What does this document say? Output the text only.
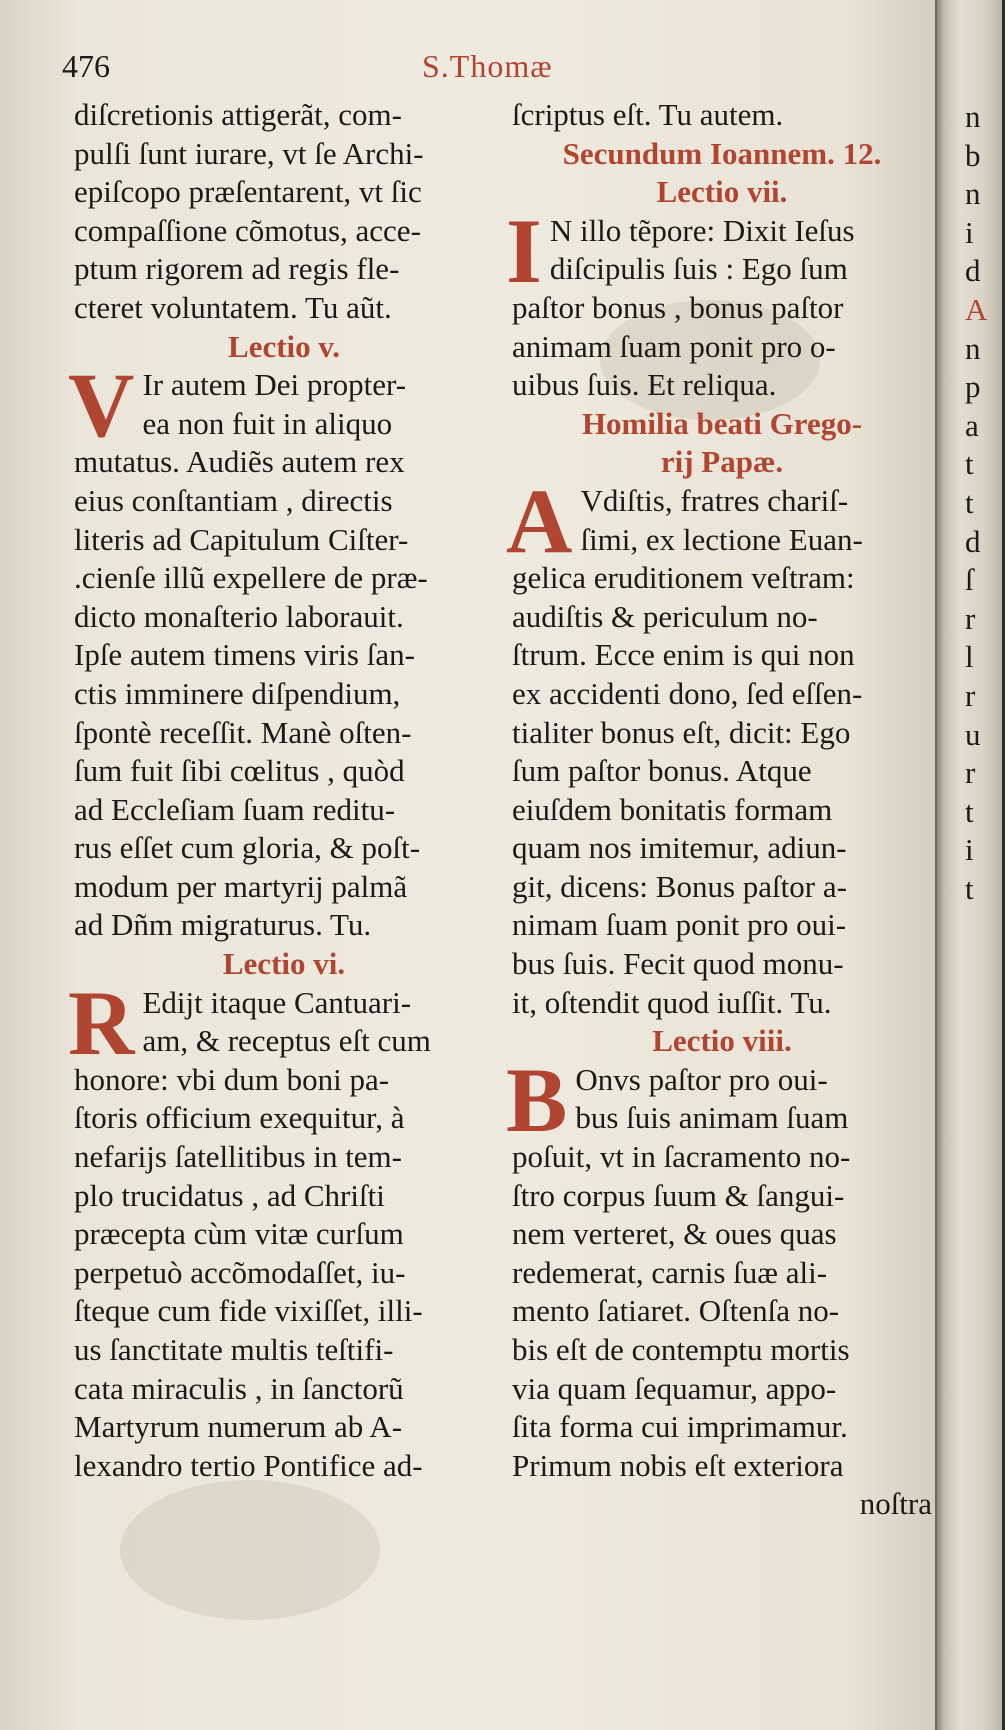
476	S.Thomæ
diſcretionis attigerãt, com-
pulſi ſunt iurare, vt ſe Archi-
epiſcopo præſentarent, vt ſic
compaſſione cõmotus, acce-
ptum rigorem ad regis fle-
cteret voluntatem. Tu aũt.
Lectio v.
V Ir autem Dei propter-
ea non fuit in aliquo
mutatus. Audiẽs autem rex
eius conſtantiam , directis
literis ad Capitulum Ciſter-
.cienſe illũ expellere de præ-
dicto monaſterio laborauit.
Ipſe autem timens viris ſan-
ctis imminere diſpendium,
ſpontè receſſit. Manè oſten-
ſum fuit ſibi cœlitus , quòd
ad Eccleſiam ſuam reditu-
rus eſſet cum gloria, & poſt-
modum per martyrij palmã
ad Dñm migraturus. Tu.
Lectio vi.
R Edijt itaque Cantuari-
am, & receptus eſt cum
honore: vbi dum boni pa-
ſtoris officium exequitur, à
nefarijs ſatellitibus in tem-
plo trucidatus , ad Chriſti
præcepta cùm vitæ curſum
perpetuò accõmodaſſet, iu-
ſteque cum fide vixiſſet, illi-
us ſanctitate multis teſtifi-
cata miraculis , in ſanctorũ
Martyrum numerum ab A-
lexandro tertio Pontifice ad-
ſcriptus eſt. Tu autem.
Secundum Ioannem. 12.
Lectio vii.
I N illo tẽpore: Dixit Ieſus
diſcipulis ſuis : Ego ſum
paſtor bonus , bonus paſtor
animam ſuam ponit pro o-
uibus ſuis. Et reliqua.
Homilia beati Grego-
rij Papæ.
A Vdiſtis, fratres chariſ-
ſimi, ex lectione Euan-
gelica eruditionem veſtram:
audiſtis & periculum no-
ſtrum. Ecce enim is qui non
ex accidenti dono, ſed eſſen-
tialiter bonus eſt, dicit: Ego
ſum paſtor bonus. Atque
eiuſdem bonitatis formam
quam nos imitemur, adiun-
git, dicens: Bonus paſtor a-
nimam ſuam ponit pro oui-
bus ſuis. Fecit quod monu-
it, oſtendit quod iuſſit. Tu.
Lectio viii.
B Onvs paſtor pro oui-
bus ſuis animam ſuam
poſuit, vt in ſacramento no-
ſtro corpus ſuum & ſangui-
nem verteret, & oues quas
redemerat, carnis ſuæ ali-
mento ſatiaret. Oſtenſa no-
bis eſt de contemptu mortis
via quam ſequamur, appo-
ſita forma cui imprimamur.
Primum nobis eſt exteriora
noſtra
n
b
n
i
d
A
n
p
a
t
t
d
ſ
r
l
r
u
r
t
i
t
